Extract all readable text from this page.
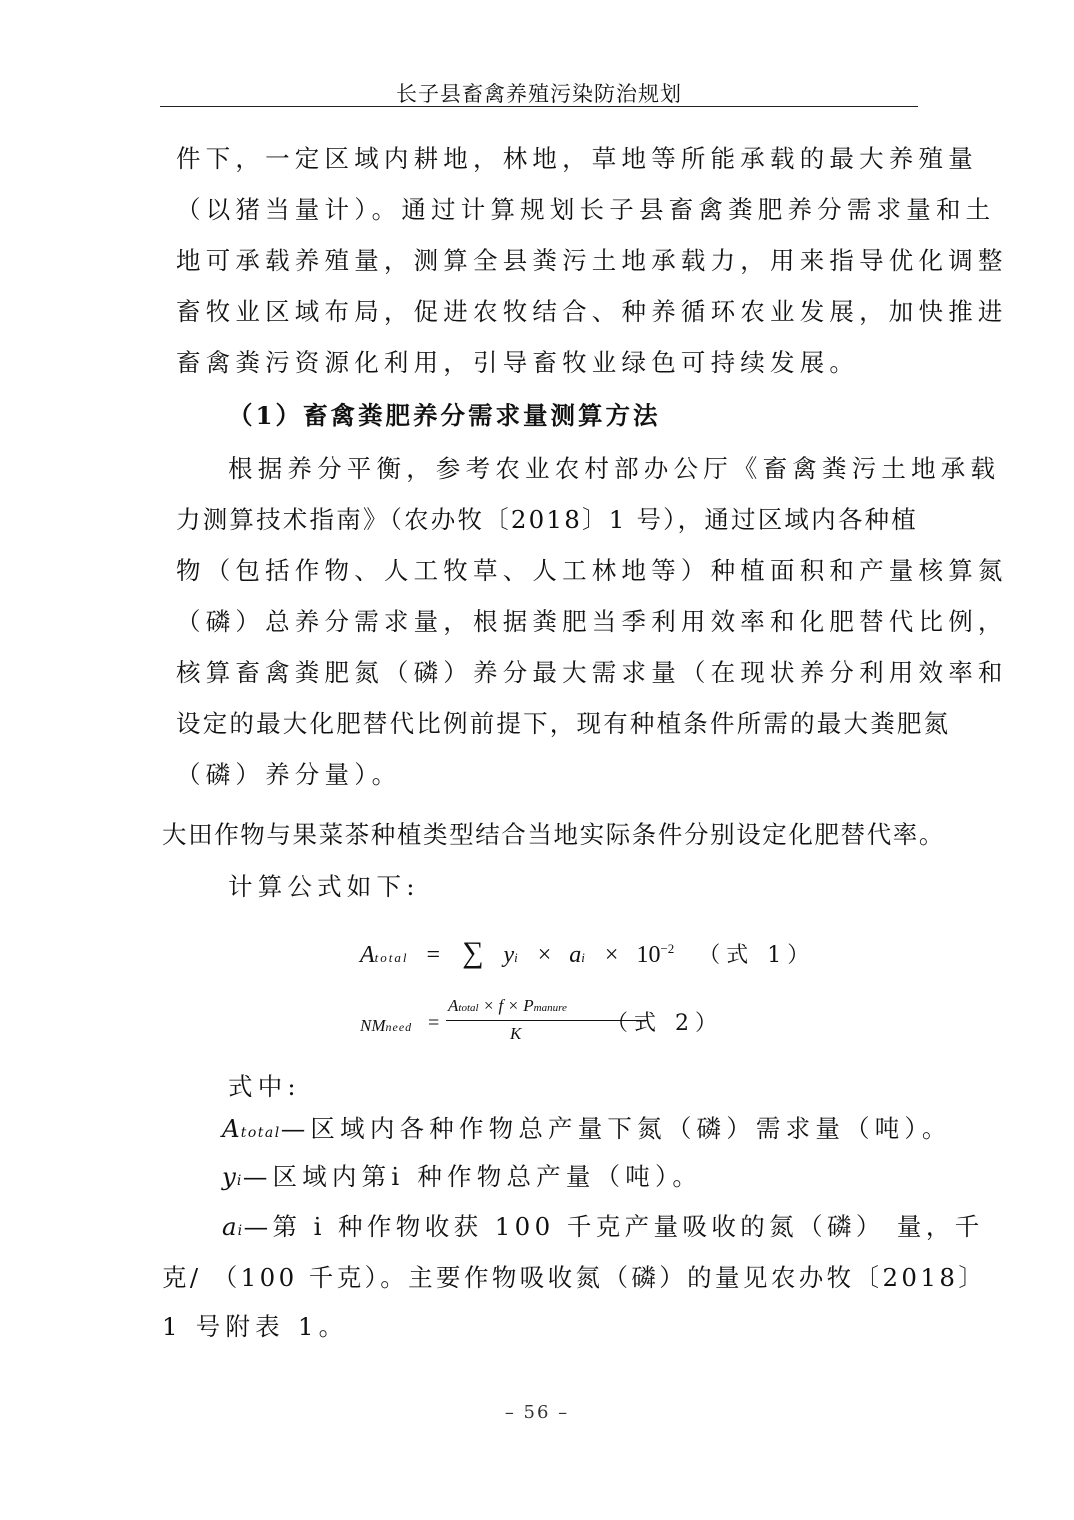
长子县畜禽养殖污染防治规划
件下，一定区域内耕地，林地，草地等所能承载的最大养殖量
（以猪当量计）。通过计算规划长子县畜禽粪肥养分需求量和土
地可承载养殖量，测算全县粪污土地承载力，用来指导优化调整
畜牧业区域布局，促进农牧结合、种养循环农业发展，加快推进
畜禽粪污资源化利用，引导畜牧业绿色可持续发展。
（1）畜禽粪肥养分需求量测算方法
根据养分平衡，参考农业农村部办公厅《畜禽粪污土地承载
力测算技术指南》（农办牧〔2018〕1 号），通过区域内各种植
物（包括作物、人工牧草、人工林地等）种植面积和产量核算氮
（磷）总养分需求量，根据粪肥当季利用效率和化肥替代比例，
核算畜禽粪肥氮（磷）养分最大需求量（在现状养分利用效率和
设定的最大化肥替代比例前提下，现有种植条件所需的最大粪肥氮
（磷）养分量）。
大田作物与果菜茶种植类型结合当地实际条件分别设定化肥替代率。
计算公式如下:
Atotal = ∑ yi × ai × $10^{-2}$ （式 1）
NMneed =
Atotal × f × Pmanure
K	（式 2）
式中:
Atotal—区域内各种作物总产量下氮（磷）需求量（吨）。
yi—区域内第i 种作物总产量（吨）。
ai—第 i 种作物收获 100 千克产量吸收的氮（磷） 量，千
克/ （100 千克）。主要作物吸收氮（磷）的量见农办牧〔2018〕
1 号附表 1。
– 56 –
